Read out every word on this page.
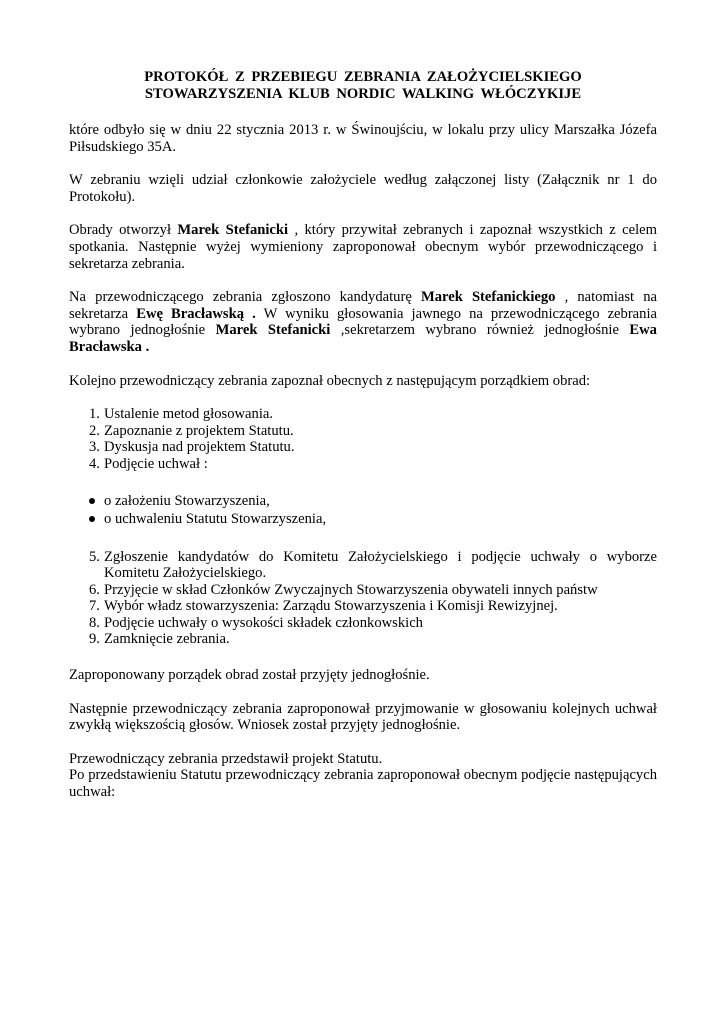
PROTOKÓŁ Z PRZEBIEGU ZEBRANIA ZAŁOŻYCIELSKIEGO
STOWARZYSZENIA KLUB NORDIC WALKING WŁÓCZYKIJE

które odbyło się w dniu 22 stycznia 2013 r. w Świnoujściu, w lokalu przy ulicy Marszałka Józefa Piłsudskiego 35A.

W zebraniu wzięli udział członkowie założyciele według załączonej listy (Załącznik nr 1 do Protokołu).

Obrady otworzył Marek Stefanicki , który przywitał zebranych i zapoznał wszystkich z celem spotkania. Następnie wyżej wymieniony zaproponował obecnym wybór przewodniczącego i sekretarza zebrania.

Na przewodniczącego zebrania zgłoszono kandydaturę Marek Stefanickiego , natomiast na sekretarza Ewę Bracławską . W wyniku głosowania jawnego na przewodniczącego zebrania wybrano jednogłośnie Marek Stefanicki ,sekretarzem wybrano również jednogłośnie Ewa Bracławska .

Kolejno przewodniczący zebrania zapoznał obecnych z następującym porządkiem obrad:

1. Ustalenie metod głosowania.
2. Zapoznanie z projektem Statutu.
3. Dyskusja nad projektem Statutu.
4. Podjęcie uchwał :
o założeniu Stowarzyszenia,
o uchwaleniu Statutu Stowarzyszenia,
5. Zgłoszenie kandydatów do Komitetu Założycielskiego i podjęcie uchwały o wyborze Komitetu Założycielskiego.
6. Przyjęcie w skład Członków Zwyczajnych Stowarzyszenia obywateli innych państw
7. Wybór władz stowarzyszenia: Zarządu Stowarzyszenia i Komisji Rewizyjnej.
8. Podjęcie uchwały o wysokości składek członkowskich
9. Zamknięcie zebrania.

Zaproponowany porządek obrad został przyjęty jednogłośnie.

Następnie przewodniczący zebrania zaproponował przyjmowanie w głosowaniu kolejnych uchwał zwykłą większością głosów. Wniosek został przyjęty jednogłośnie.

Przewodniczący zebrania przedstawił projekt Statutu.

Po przedstawieniu Statutu przewodniczący zebrania zaproponował obecnym podjęcie następujących uchwał:
